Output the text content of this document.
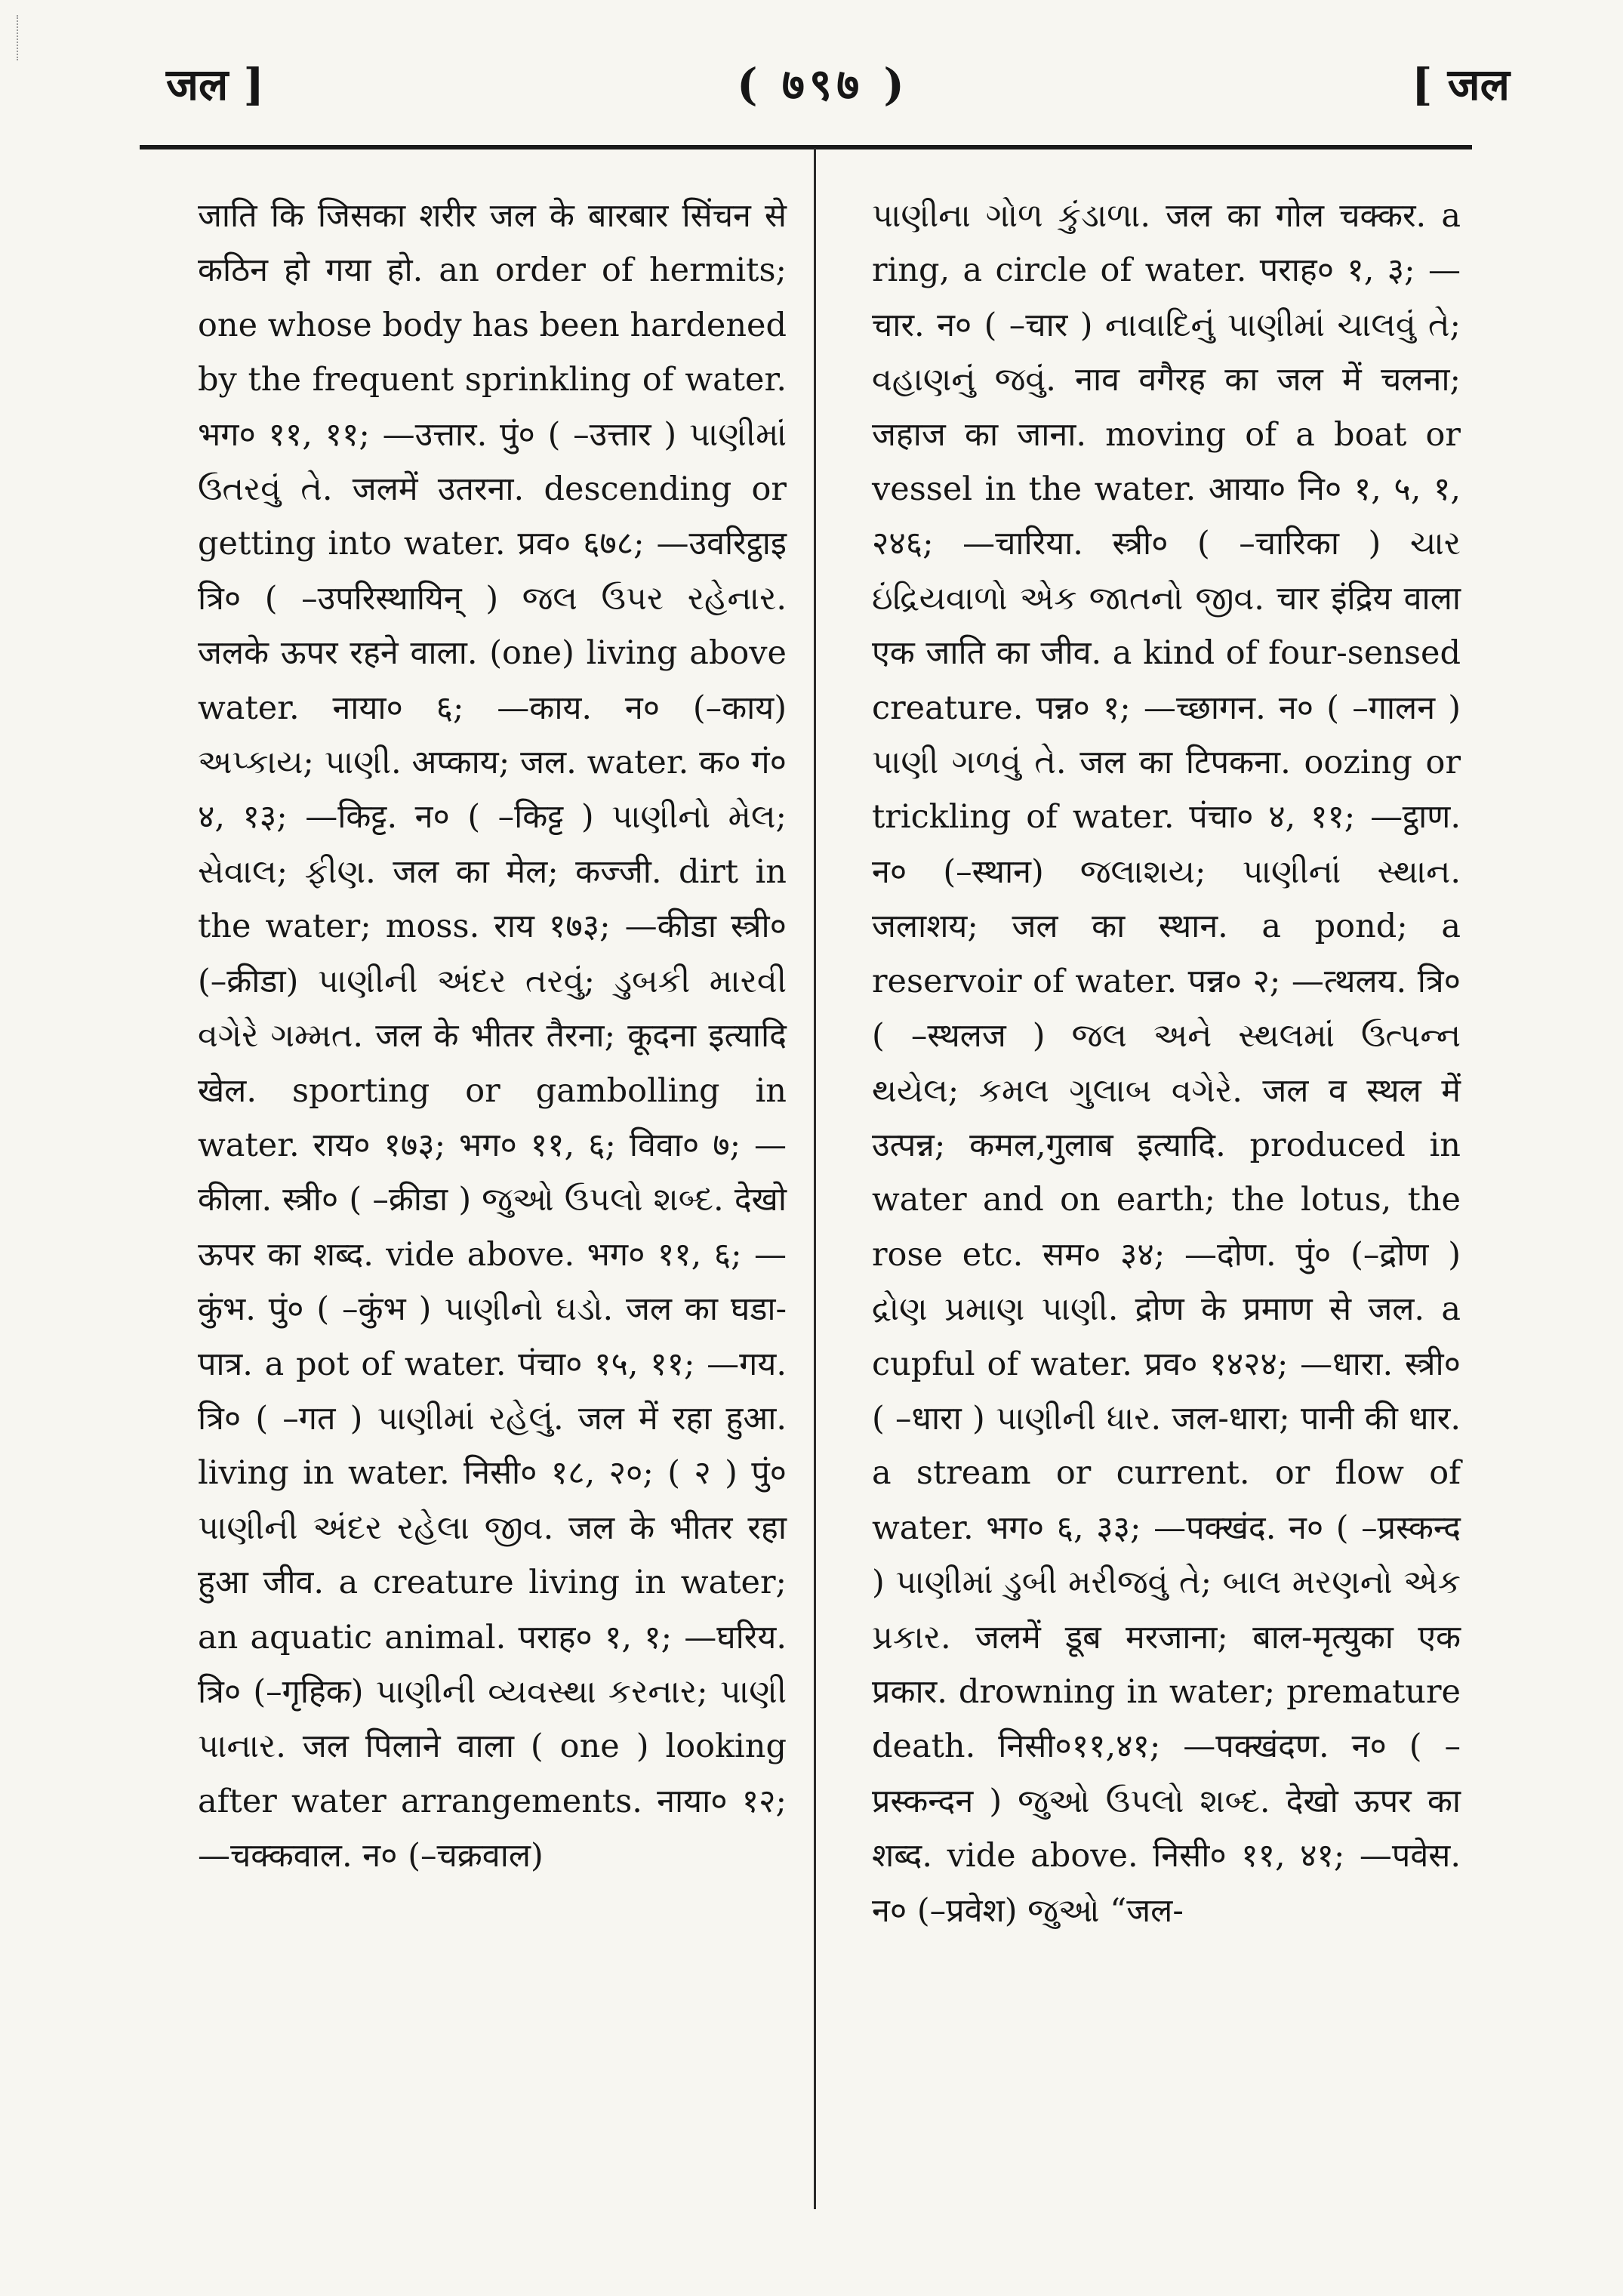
जल ]	( ७९७ )	[ जल

जाति कि जिसका शरीर जल के बारबार सिंचन से कठिन हो गया हो. an order of hermits; one whose body has been hardened by the frequent sprinkling of water. भग० ११, ११; —उत्तार. पुं० ( –उत्तार ) પાણીમાં ઉતરવું તે. जलमें उतरना. descending or getting into water. प्रव० ६७८; —उवरिट्ठाइ त्रि० ( –उपरिस्थायिन् ) જલ ઉપર રહેનાર. जलके ऊपर रहने वाला. (one) living above water. नाया० ६; —काय. न० (–काय) અપ્કાય; પાણી. अप्काय; जल. water. क० गं० ४, १३; —किट्ट. न० ( –किट्ट ) પાણીનો મેલ; સેવાલ; ફીણ. जल का मेल; कज्जी. dirt in the water; moss. राय १७३; —कीडा स्त्री० (–क्रीडा) પાણીની અંદર તરવું; ડુબકી મારવી વગેરે ગમ્મત. जल के भीतर तैरना; कूदना इत्यादि खेल. sporting or gambolling in water. राय० १७३; भग० ११, ६; विवा० ७; —कीला. स्त्री० ( –क्रीडा ) જુઓ ઉપલો શબ્દ. देखो ऊपर का शब्द. vide above. भग० ११, ६; —कुंभ. पुं० ( –कुंभ ) પાણીનો ઘડો. जल का घडा-पात्र. a pot of water. पंचा० १५, ११; —गय. त्रि० ( –गत ) પાણીમાં રહેલું. जल में रहा हुआ. living in water. निसी० १८, २०; ( २ ) पुं० પાણીની અંદર રહેલા જીવ. जल के भीतर रहा हुआ जीव. a creature living in water; an aquatic animal. पराह० १, १; —घरिय. त्रि० (–गृहिक) પાણીની વ્યવસ્થા કરનાર; પાણી પાનાર. जल पिलाने वाला ( one ) looking after water arrangements. नाया० १२; —चक्कवाल. न० (–चक्रवाल)

પાણીના ગોળ કુંડાળા. जल का गोल चक्कर. a ring, a circle of water. पराह० १, ३; —चार. न० ( –चार ) નાવાદિનું પાણીમાં ચાલવું તે; વહાણનું જવું. नाव वगैरह का जल में चलना; जहाज का जाना. moving of a boat or vessel in the water. आया० नि० १, ५, १, २४६; —चारिया. स्त्री० ( –चारिका ) ચાર ઇંદ્રિયવાળો એક જાતનો જીવ. चार इंद्रिय वाला एक जाति का जीव. a kind of four-sensed creature. पन्न० १; —च्छागन. न० ( –गालन ) પાણી ગળવું તે. जल का टिपकना. oozing or trickling of water. पंचा० ४, ११; —ट्ठाण. न० (–स्थान) જલાશય; પાણીનાં સ્થાન. जलाशय; जल का स्थान. a pond; a reservoir of water. पन्न० २; —त्थलय. त्रि० ( –स्थलज ) જલ અને સ્થલમાં ઉત્પન્ન થયેલ; કમલ ગુલાબ વગેરે. जल व स्थल में उत्पन्न; कमल,गुलाब इत्यादि. produced in water and on earth; the lotus, the rose etc. सम० ३४; —दोण. पुं० (–द्रोण ) દ્રોણ પ્રમાણ પાણી. द्रोण के प्रमाण से जल. a cupful of water. प्रव० १४२४; —धारा. स्त्री० ( –धारा ) પાણીની ધાર. जल-धारा; पानी की धार. a stream or current. or flow of water. भग० ६, ३३; —पक्खंद. न० ( –प्रस्कन्द ) પાણીમાં ડુબી મરીજવું તે; બાલ મરણનો એક પ્રકાર. जलमें डूब मरजाना; बाल-मृत्युका एक प्रकार. drowning in water; premature death. निसी०११,४१; —पक्खंदण. न० ( –प्रस्कन्दन ) જુઓ ઉપલો શબ્દ. देखो ऊपर का शब्द. vide above. निसी० ११, ४१; —पवेस. न० (–प्रवेश) જુઓ “जल-
